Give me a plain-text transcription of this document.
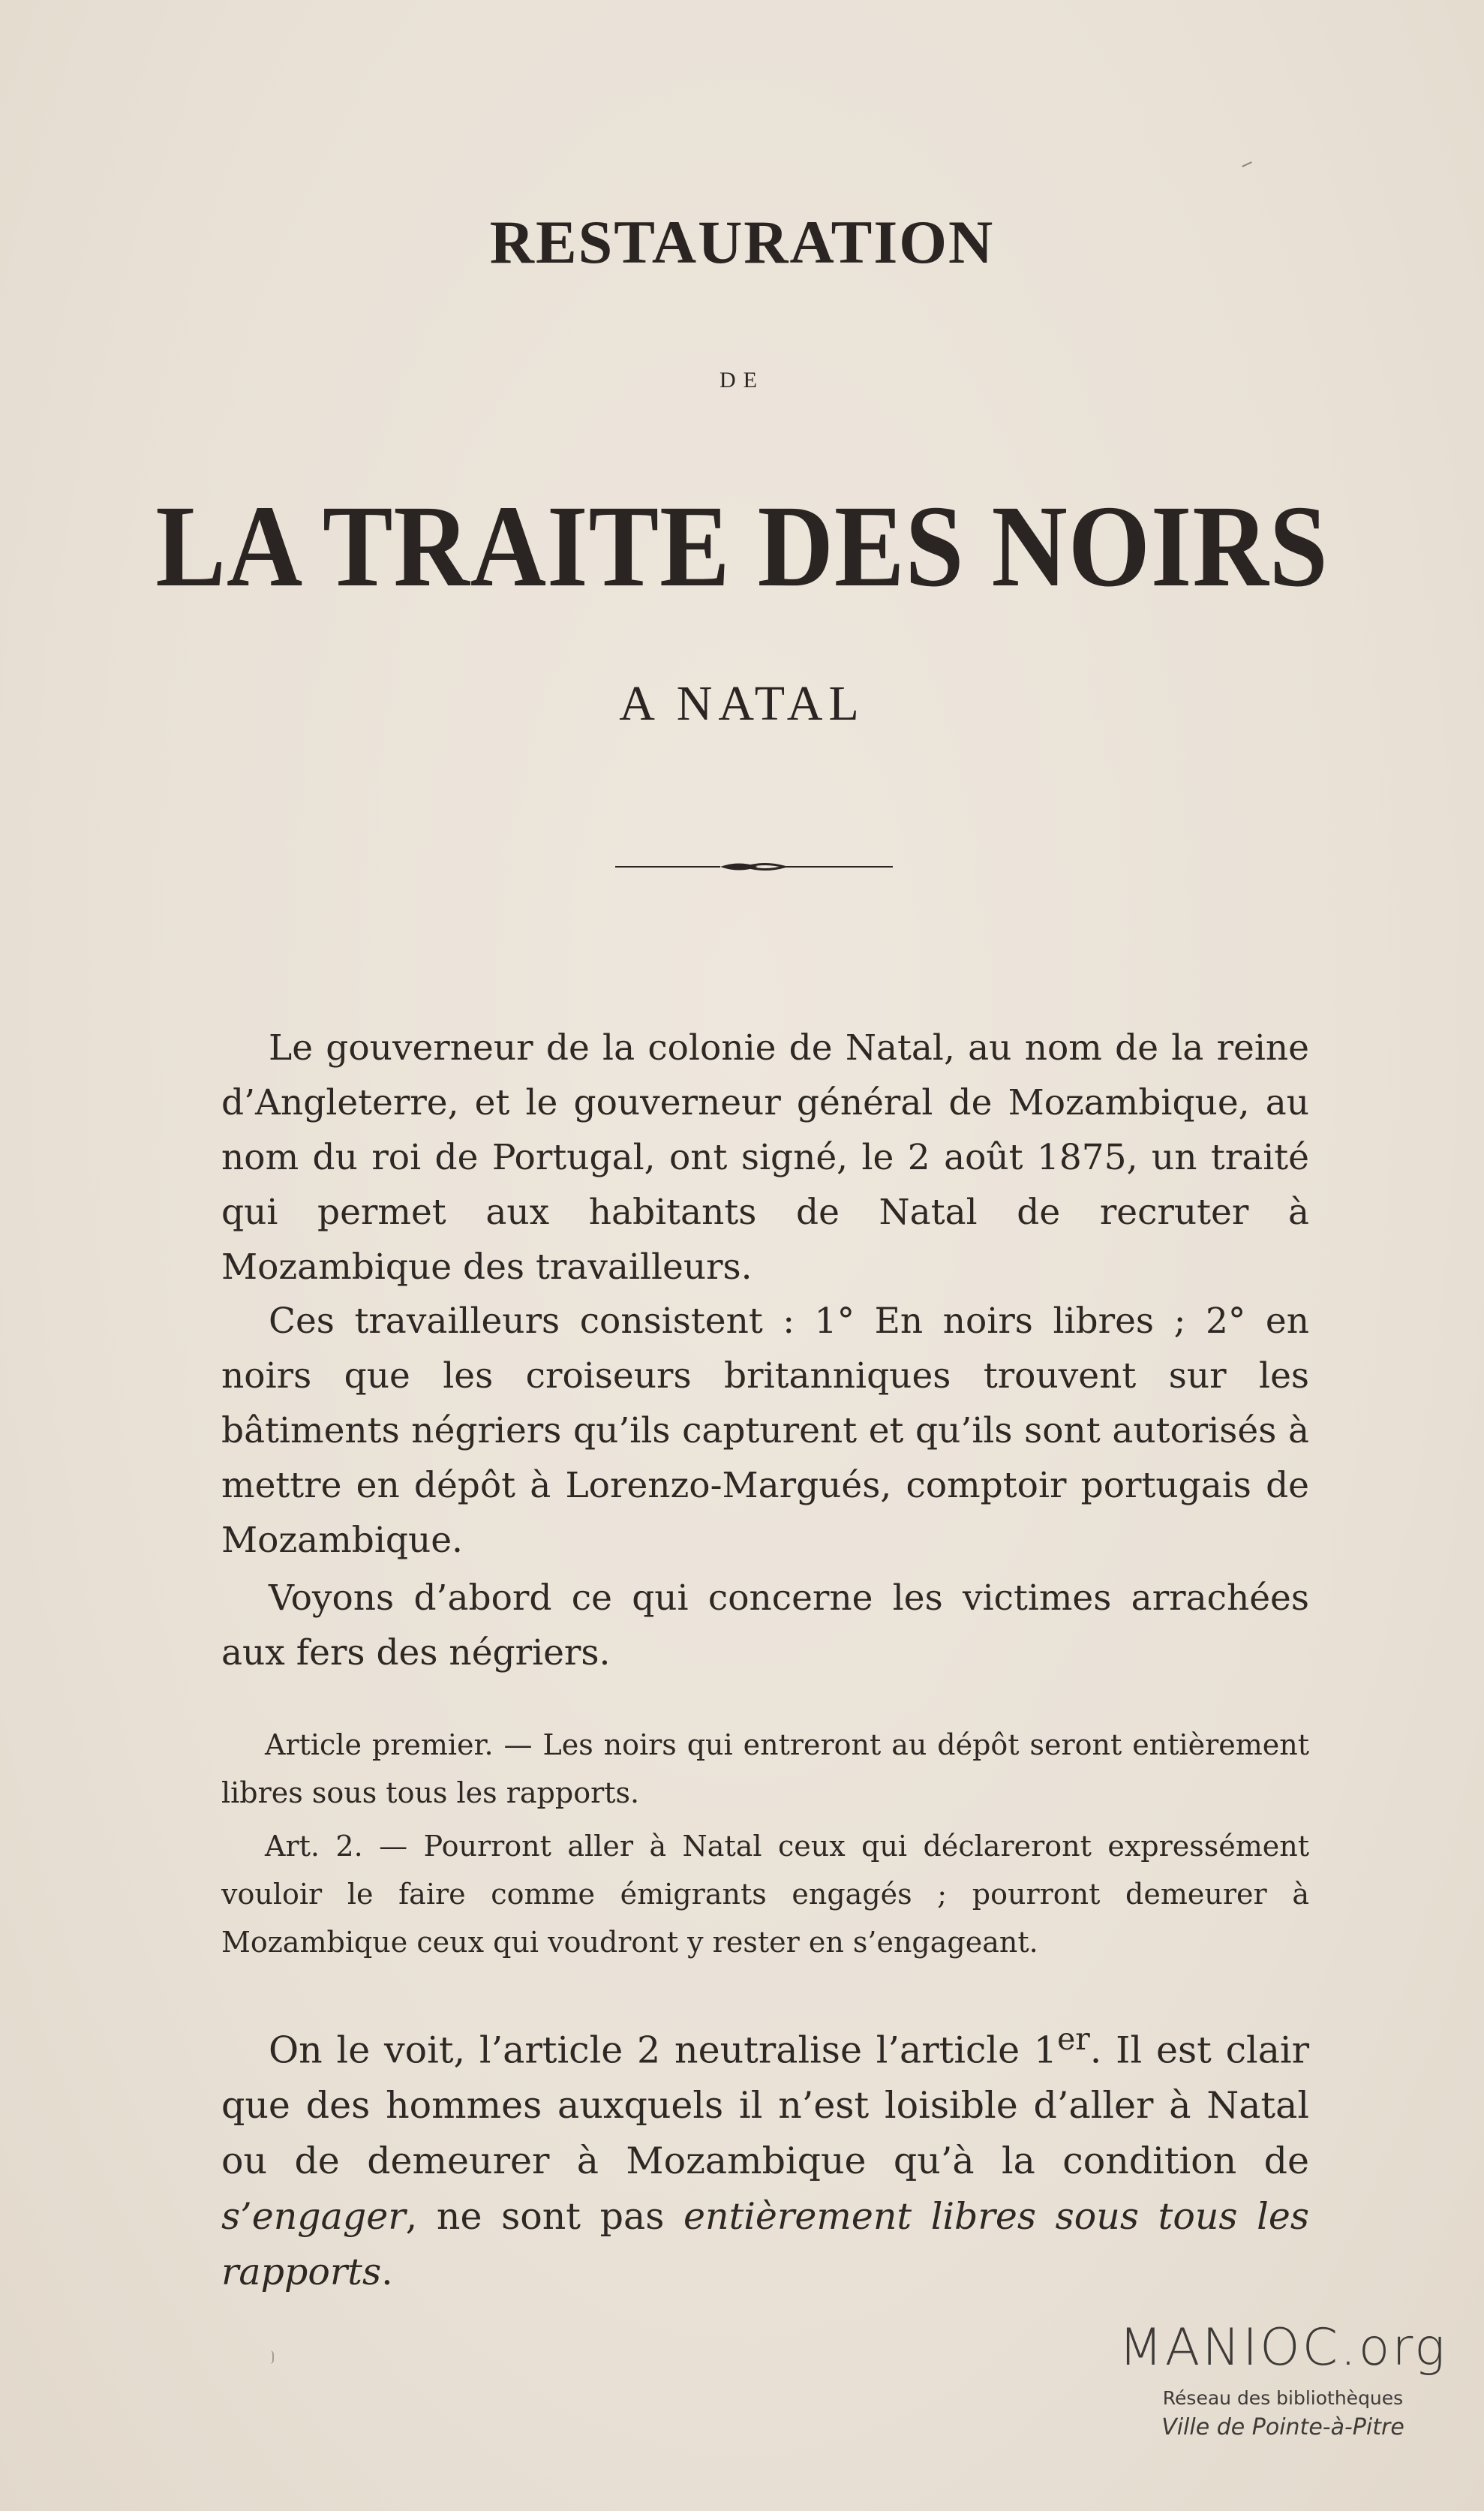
RESTAURATION
DE
LA TRAITE DES NOIRS
A NATAL

Le gouverneur de la colonie de Natal, au nom de la reine d’Angleterre, et le gouverneur général de Mozambique, au nom du roi de Portugal, ont signé, le 2 août 1875, un traité qui permet aux habitants de Natal de recruter à Mozambique des travailleurs.

Ces travailleurs consistent : 1° En noirs libres ; 2° en noirs que les croiseurs britanniques trouvent sur les bâtiments négriers qu’ils capturent et qu’ils sont autorisés à mettre en dépôt à Lorenzo-Margués, comptoir portugais de Mozambique.

Voyons d’abord ce qui concerne les victimes arrachées aux fers des négriers.

Article premier. — Les noirs qui entreront au dépôt seront entièrement libres sous tous les rapports.

Art. 2. — Pourront aller à Natal ceux qui déclareront expressément vouloir le faire comme émigrants engagés ; pourront demeurer à Mozambique ceux qui voudront y rester en s’engageant.

On le voit, l’article 2 neutralise l’article 1er. Il est clair que des hommes auxquels il n’est loisible d’aller à Natal ou de demeurer à Mozambique qu’à la condition de s’engager, ne sont pas entièrement libres sous tous les rapports.

MANIOC.org
Réseau des bibliothèques
Ville de Pointe-à-Pitre
